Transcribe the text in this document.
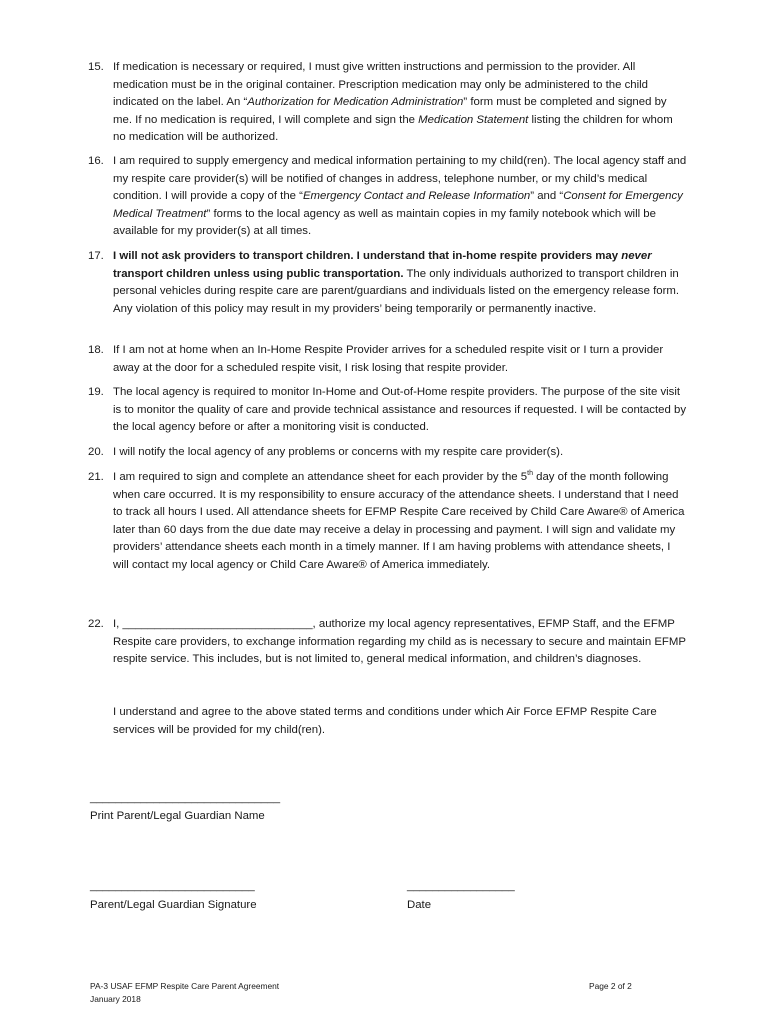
15. If medication is necessary or required, I must give written instructions and permission to the provider. All medication must be in the original container. Prescription medication may only be administered to the child indicated on the label. An “Authorization for Medication Administration” form must be completed and signed by me. If no medication is required, I will complete and sign the Medication Statement listing the children for whom no medication will be authorized.
16. I am required to supply emergency and medical information pertaining to my child(ren). The local agency staff and my respite care provider(s) will be notified of changes in address, telephone number, or my child’s medical condition. I will provide a copy of the “Emergency Contact and Release Information” and “Consent for Emergency Medical Treatment” forms to the local agency as well as maintain copies in my family notebook which will be available for my provider(s) at all times.
17. I will not ask providers to transport children. I understand that in-home respite providers may never transport children unless using public transportation. The only individuals authorized to transport children in personal vehicles during respite care are parent/guardians and individuals listed on the emergency release form. Any violation of this policy may result in my providers’ being temporarily or permanently inactive.
18. If I am not at home when an In-Home Respite Provider arrives for a scheduled respite visit or I turn a provider away at the door for a scheduled respite visit, I risk losing that respite provider.
19. The local agency is required to monitor In-Home and Out-of-Home respite providers. The purpose of the site visit is to monitor the quality of care and provide technical assistance and resources if requested. I will be contacted by the local agency before or after a monitoring visit is conducted.
20. I will notify the local agency of any problems or concerns with my respite care provider(s).
21. I am required to sign and complete an attendance sheet for each provider by the 5th day of the month following when care occurred. It is my responsibility to ensure accuracy of the attendance sheets. I understand that I need to track all hours I used. All attendance sheets for EFMP Respite Care received by Child Care Aware® of America later than 60 days from the due date may receive a delay in processing and payment. I will sign and validate my providers’ attendance sheets each month in a timely manner. If I am having problems with attendance sheets, I will contact my local agency or Child Care Aware® of America immediately.
22. I, ______________________________, authorize my local agency representatives, EFMP Staff, and the EFMP Respite care providers, to exchange information regarding my child as is necessary to secure and maintain EFMP respite service. This includes, but is not limited to, general medical information, and children’s diagnoses.
I understand and agree to the above stated terms and conditions under which Air Force EFMP Respite Care services will be provided for my child(ren).
______________________________
Print Parent/Legal Guardian Name
__________________________
Parent/Legal Guardian Signature
_________________
Date
PA-3 USAF EFMP Respite Care Parent Agreement
January 2018
Page 2 of 2
